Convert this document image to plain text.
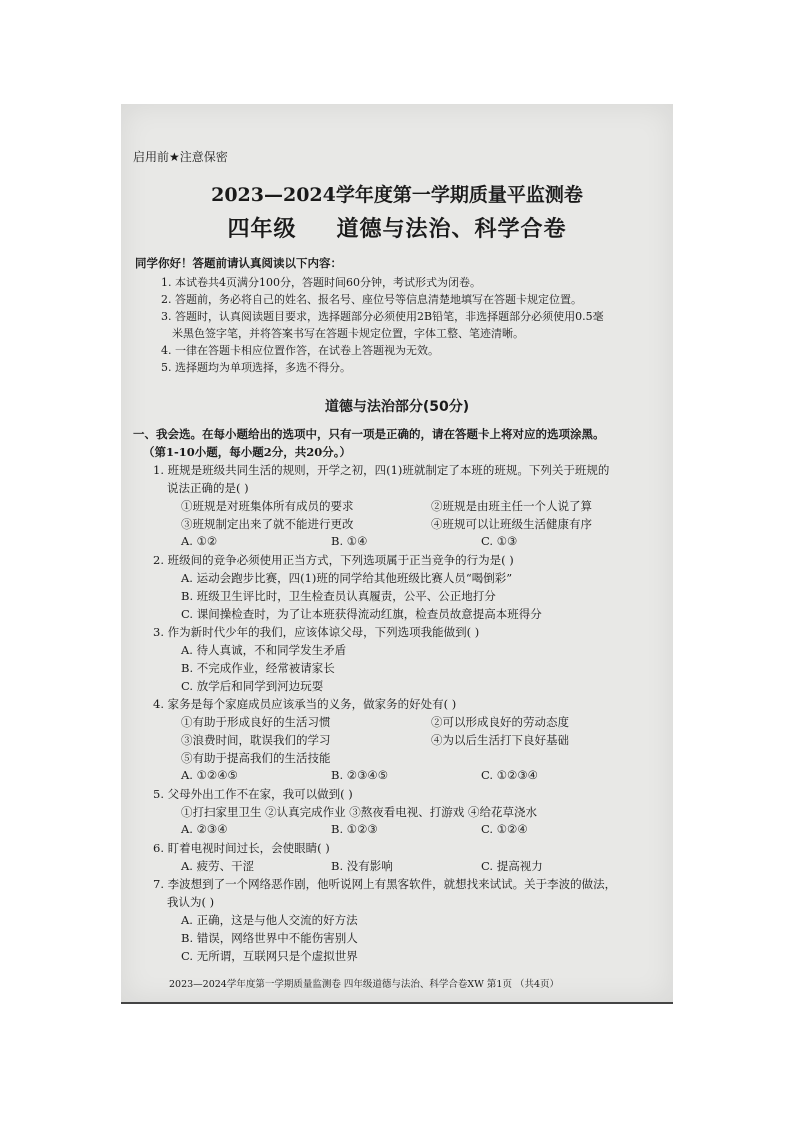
启用前★注意保密
2023—2024学年度第一学期质量平监测卷
四年级 道德与法治、科学合卷
同学你好！答题前请认真阅读以下内容：
1. 本试卷共4页满分100分，答题时间60分钟，考试形式为闭卷。
2. 答题前，务必将自己的姓名、报名号、座位号等信息清楚地填写在答题卡规定位置。
3. 答题时，认真阅读题目要求，选择题部分必须使用2B铅笔，非选择题部分必须使用0.5毫
米黑色签字笔，并将答案书写在答题卡规定位置，字体工整、笔迹清晰。
4. 一律在答题卡相应位置作答，在试卷上答题视为无效。
5. 选择题均为单项选择，多选不得分。
道德与法治部分(50分)
一、我会选。在每小题给出的选项中，只有一项是正确的，请在答题卡上将对应的选项涂黑。
（第1-10小题，每小题2分，共20分。）
1. 班规是班级共同生活的规则，开学之初，四(1)班就制定了本班的班规。下列关于班规的
说法正确的是( )
①班规是对班集体所有成员的要求	②班规是由班主任一个人说了算
③班规制定出来了就不能进行更改	④班规可以让班级生活健康有序
A. ①②	B. ①④	C. ①③
2. 班级间的竞争必须使用正当方式，下列选项属于正当竞争的行为是( )
A. 运动会跑步比赛，四(1)班的同学给其他班级比赛人员“喝倒彩”
B. 班级卫生评比时，卫生检查员认真履责，公平、公正地打分
C. 课间操检查时，为了让本班获得流动红旗，检查员故意提高本班得分
3. 作为新时代少年的我们，应该体谅父母，下列选项我能做到( )
A. 待人真诚，不和同学发生矛盾
B. 不完成作业，经常被请家长
C. 放学后和同学到河边玩耍
4. 家务是每个家庭成员应该承当的义务，做家务的好处有( )
①有助于形成良好的生活习惯	②可以形成良好的劳动态度
③浪费时间，耽误我们的学习	④为以后生活打下良好基础
⑤有助于提高我们的生活技能
A. ①②④⑤	B. ②③④⑤	C. ①②③④
5. 父母外出工作不在家，我可以做到( )
①打扫家里卫生 ②认真完成作业 ③熬夜看电视、打游戏 ④给花草浇水
A. ②③④	B. ①②③	C. ①②④
6. 盯着电视时间过长，会使眼睛( )
A. 疲劳、干涩	B. 没有影响	C. 提高视力
7. 李波想到了一个网络恶作剧，他听说网上有黑客软件，就想找来试试。关于李波的做法，
我认为( )
A. 正确，这是与他人交流的好方法
B. 错误，网络世界中不能伤害别人
C. 无所谓，互联网只是个虚拟世界
2023—2024学年度第一学期质量监测卷 四年级道德与法治、科学合卷XW 第1页 （共4页）
